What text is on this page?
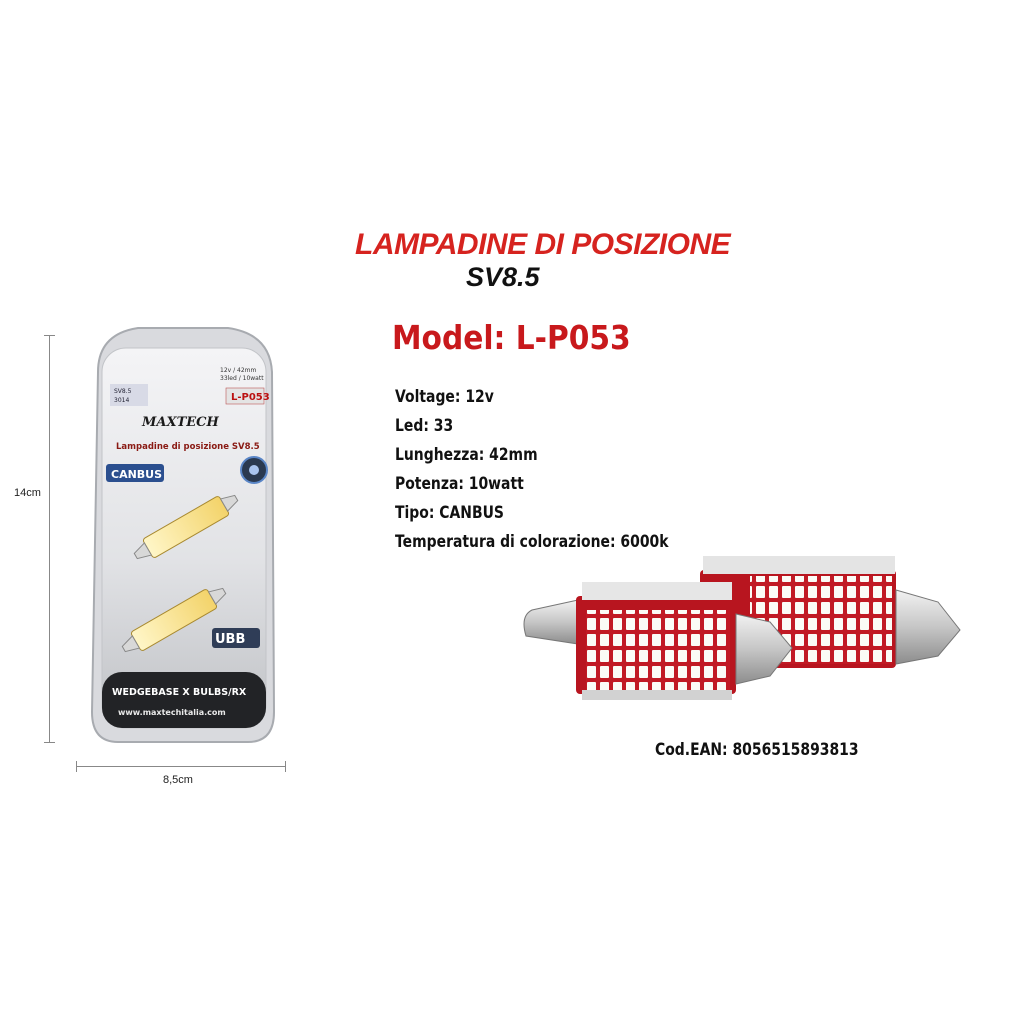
LAMPADINE DI POSIZIONE
SV8.5
Model: L-P053
Voltage: 12v
Led: 33
Lunghezza: 42mm
Potenza: 10watt
Tipo: CANBUS
Temperatura di colorazione: 6000k
Cod.EAN: 8056515893813
14cm
8,5cm
SV8.5
3014
12v / 42mm
33led / 10watt
L-P053
MAXTECH
Lampadine di posizione SV8.5
CANBUS
UBB
WEDGEBASE X BULBS/RX
www.maxtechitalia.com
